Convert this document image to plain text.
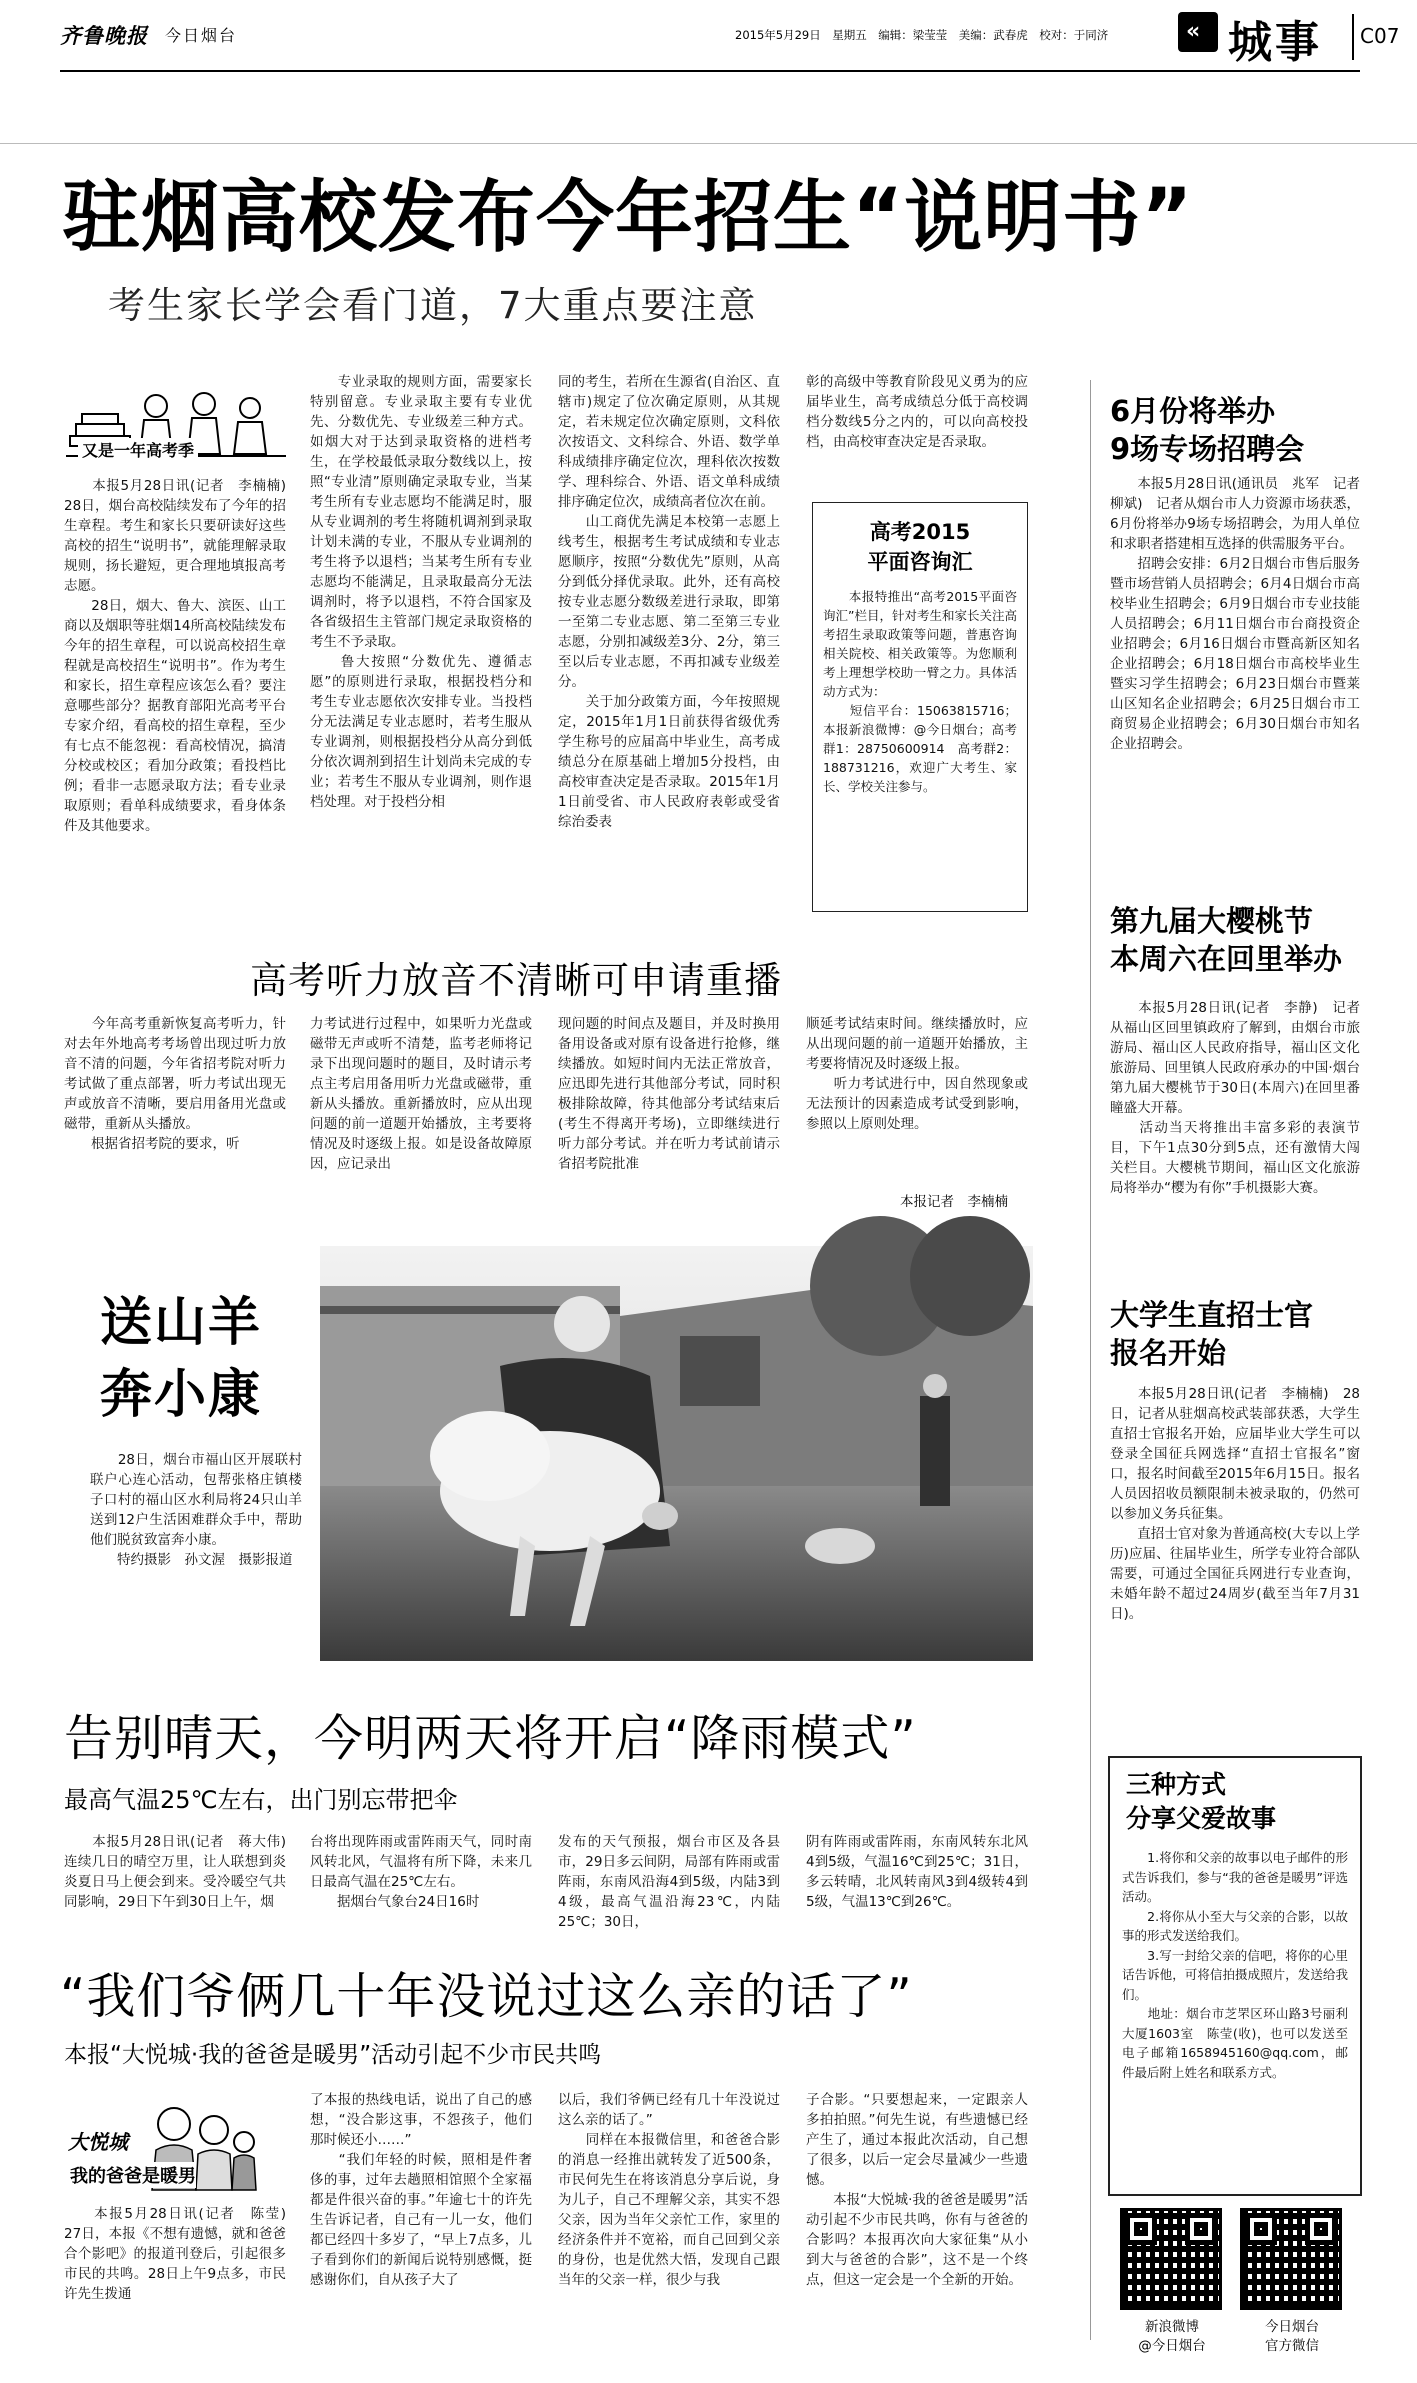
齐鲁晚报 今日烟台	2015年5月29日　星期五　编辑：梁莹莹　美编：武春虎　校对：于同济	« 城事 C07
驻烟高校发布今年招生“说明书”
考生家长学会看门道，7大重点要注意
又是一年高考季
　　本报5月28日讯(记者　李楠楠)　28日，烟台高校陆续发布了今年的招生章程。考生和家长只要研读好这些高校的招生“说明书”，就能理解录取规则，扬长避短，更合理地填报高考志愿。
　　28日，烟大、鲁大、滨医、山工商以及烟职等驻烟14所高校陆续发布今年的招生章程，可以说高校招生章程就是高校招生“说明书”。作为考生和家长，招生章程应该怎么看？要注意哪些部分？据教育部阳光高考平台专家介绍，看高校的招生章程，至少有七点不能忽视：看高校情况，搞清分校或校区；看加分政策；看投档比例；看非一志愿录取方法；看专业录取原则；看单科成绩要求，看身体条件及其他要求。
　　专业录取的规则方面，需要家长特别留意。专业录取主要有专业优先、分数优先、专业级差三种方式。如烟大对于达到录取资格的进档考生，在学校最低录取分数线以上，按照“专业清”原则确定录取专业，当某考生所有专业志愿均不能满足时，服从专业调剂的考生将随机调剂到录取计划未满的专业，不服从专业调剂的考生将予以退档；当某考生所有专业志愿均不能满足，且录取最高分无法调剂时，将予以退档，不符合国家及各省级招生主管部门规定录取资格的考生不予录取。
　　鲁大按照“分数优先、遵循志愿”的原则进行录取，根据投档分和考生专业志愿依次安排专业。当投档分无法满足专业志愿时，若考生服从专业调剂，则根据投档分从高分到低分依次调剂到招生计划尚未完成的专业；若考生不服从专业调剂，则作退档处理。对于投档分相
同的考生，若所在生源省(自治区、直辖市)规定了位次确定原则，从其规定，若未规定位次确定原则，文科依次按语文、文科综合、外语、数学单科成绩排序确定位次，理科依次按数学、理科综合、外语、语文单科成绩排序确定位次，成绩高者位次在前。
　　山工商优先满足本校第一志愿上线考生，根据考生考试成绩和专业志愿顺序，按照“分数优先”原则，从高分到低分择优录取。此外，还有高校按专业志愿分数级差进行录取，即第一至第二专业志愿、第二至第三专业志愿，分别扣减级差3分、2分，第三至以后专业志愿，不再扣减专业级差分。
　　关于加分政策方面，今年按照规定，2015年1月1日前获得省级优秀学生称号的应届高中毕业生，高考成绩总分在原基础上增加5分投档，由高校审查决定是否录取。2015年1月1日前受省、市人民政府表彰或受省综治委表
彰的高级中等教育阶段见义勇为的应届毕业生，高考成绩总分低于高校调档分数线5分之内的，可以向高校投档，由高校审查决定是否录取。
高考2015
平面咨询汇
　　本报特推出“高考2015平面咨询汇”栏目，针对考生和家长关注高考招生录取政策等问题，普惠咨询相关院校、相关政策等。为您顺利考上理想学校助一臂之力。具体活动方式为：
　　短信平台：15063815716；本报新浪微博：@今日烟台；高考群1：28750600914　高考群2：188731216，欢迎广大考生、家长、学校关注参与。
高考听力放音不清晰可申请重播
　　今年高考重新恢复高考听力，针对去年外地高考考场曾出现过听力放音不清的问题，今年省招考院对听力考试做了重点部署，听力考试出现无声或放音不清晰，要启用备用光盘或磁带，重新从头播放。
　　根据省招考院的要求，听
力考试进行过程中，如果听力光盘或磁带无声或听不清楚，监考老师将记录下出现问题时的题目，及时请示考点主考启用备用听力光盘或磁带，重新从头播放。重新播放时，应从出现问题的前一道题开始播放，主考要将情况及时逐级上报。如是设备故障原因，应记录出
现问题的时间点及题目，并及时换用备用设备或对原有设备进行抢修，继续播放。如短时间内无法正常放音，应迅即先进行其他部分考试，同时积极排除故障，待其他部分考试结束后(考生不得离开考场)，立即继续进行听力部分考试。并在听力考试前请示省招考院批准
顺延考试结束时间。继续播放时，应从出现问题的前一道题开始播放，主考要将情况及时逐级上报。
　　听力考试进行中，因自然现象或无法预计的因素造成考试受到影响，参照以上原则处理。
本报记者　李楠楠
送山羊
奔小康
　　28日，烟台市福山区开展联村联户心连心活动，包帮张格庄镇楼子口村的福山区水利局将24只山羊送到12户生活困难群众手中，帮助他们脱贫致富奔小康。
　　特约摄影　孙文渥　摄影报道
告别晴天，今明两天将开启“降雨模式”
最高气温25℃左右，出门别忘带把伞
　　本报5月28日讯(记者　蒋大伟)　连续几日的晴空万里，让人联想到炎炎夏日马上便会到来。受冷暖空气共同影响，29日下午到30日上午，烟
台将出现阵雨或雷阵雨天气，同时南风转北风，气温将有所下降，未来几日最高气温在25℃左右。
　　据烟台气象台24日16时
发布的天气预报，烟台市区及各县市，29日多云间阴，局部有阵雨或雷阵雨，东南风沿海4到5级，内陆3到4级，最高气温沿海23℃，内陆25℃；30日，
阴有阵雨或雷阵雨，东南风转东北风4到5级，气温16℃到25℃；31日，多云转晴，北风转南风3到4级转4到5级，气温13℃到26℃。
“我们爷俩几十年没说过这么亲的话了”
本报“大悦城·我的爸爸是暖男”活动引起不少市民共鸣
大悦城
我的爸爸是暖男
　　本报5月28日讯(记者　陈莹)　27日，本报《不想有遗憾，就和爸爸合个影吧》的报道刊登后，引起很多市民的共鸣。28日上午9点多，市民许先生拨通
了本报的热线电话，说出了自己的感想，“没合影这事，不怨孩子，他们那时候还小……”
　　“我们年轻的时候，照相是件奢侈的事，过年去趟照相馆照个全家福都是件很兴奋的事。”年逾七十的许先生告诉记者，自己有一儿一女，他们都已经四十多岁了，“早上7点多，儿子看到你们的新闻后说特别感慨，挺感谢你们，自从孩子大了
以后，我们爷俩已经有几十年没说过这么亲的话了。”
　　同样在本报微信里，和爸爸合影的消息一经推出就转发了近500条，市民何先生在将该消息分享后说，身为儿子，自己不理解父亲，其实不怨父亲，因为当年父亲忙工作，家里的经济条件并不宽裕，而自己回到父亲的身份，也是优然大悟，发现自己跟当年的父亲一样，很少与我
子合影。“只要想起来，一定跟亲人多拍拍照。”何先生说，有些遗憾已经产生了，通过本报此次活动，自己想了很多，以后一定会尽量减少一些遗憾。
　　本报“大悦城·我的爸爸是暖男”活动引起不少市民共鸣，你有与爸爸的合影吗？本报再次向大家征集“从小到大与爸爸的合影”，这不是一个终点，但这一定会是一个全新的开始。
6月份将举办
9场专场招聘会
　　本报5月28日讯(通讯员　兆军　记者　柳斌)　记者从烟台市人力资源市场获悉，6月份将举办9场专场招聘会，为用人单位和求职者搭建相互选择的供需服务平台。
　　招聘会安排：6月2日烟台市售后服务暨市场营销人员招聘会；6月4日烟台市高校毕业生招聘会；6月9日烟台市专业技能人员招聘会；6月11日烟台市台商投资企业招聘会；6月16日烟台市暨高新区知名企业招聘会；6月18日烟台市高校毕业生暨实习学生招聘会；6月23日烟台市暨莱山区知名企业招聘会；6月25日烟台市工商贸易企业招聘会；6月30日烟台市知名企业招聘会。
第九届大樱桃节
本周六在回里举办
　　本报5月28日讯(记者　李静)　记者从福山区回里镇政府了解到，由烟台市旅游局、福山区人民政府指导，福山区文化旅游局、回里镇人民政府承办的中国·烟台第九届大樱桃节于30日(本周六)在回里番瞳盛大开幕。
　　活动当天将推出丰富多彩的表演节目，下午1点30分到5点，还有激情大闯关栏目。大樱桃节期间，福山区文化旅游局将举办“樱为有你”手机摄影大赛。
大学生直招士官
报名开始
　　本报5月28日讯(记者　李楠楠)　28日，记者从驻烟高校武装部获悉，大学生直招士官报名开始，应届毕业大学生可以登录全国征兵网选择“直招士官报名”窗口，报名时间截至2015年6月15日。报名人员因招收员额限制未被录取的，仍然可以参加义务兵征集。
　　直招士官对象为普通高校(大专以上学历)应届、往届毕业生，所学专业符合部队需要，可通过全国征兵网进行专业查询，未婚年龄不超过24周岁(截至当年7月31日)。
三种方式
分享父爱故事
　　1.将你和父亲的故事以电子邮件的形式告诉我们，参与“我的爸爸是暖男”评选活动。
　　2.将你从小至大与父亲的合影，以故事的形式发送给我们。
　　3.写一封给父亲的信吧，将你的心里话告诉他，可将信拍摄成照片，发送给我们。
　　地址：烟台市芝罘区环山路3号丽利大厦1603室　陈莹(收)，也可以发送至电子邮箱1658945160@qq.com，邮件最后附上姓名和联系方式。
新浪微博
@今日烟台
今日烟台
官方微信
